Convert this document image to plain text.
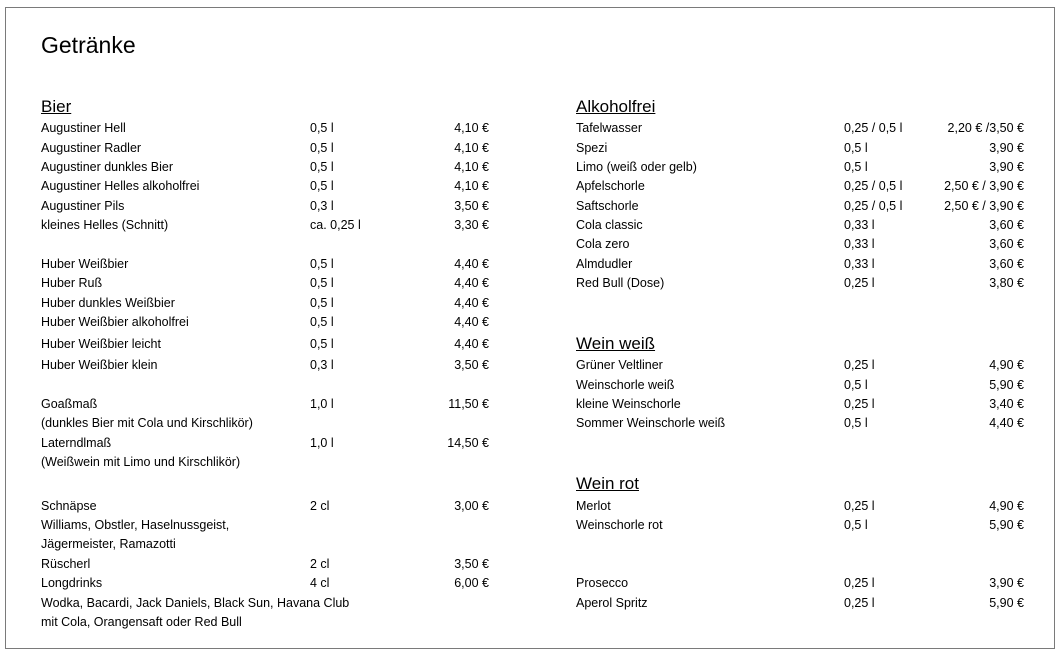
Getränke
Bier
Augustiner Hell	0,5 l	4,10 €
Augustiner Radler	0,5 l	4,10 €
Augustiner dunkles Bier	0,5 l	4,10 €
Augustiner Helles alkoholfrei	0,5 l	4,10 €
Augustiner Pils	0,3 l	3,50 €
kleines Helles (Schnitt)	ca. 0,25 l	3,30 €
Huber Weißbier	0,5 l	4,40 €
Huber Ruß	0,5 l	4,40 €
Huber dunkles Weißbier	0,5 l	4,40 €
Huber Weißbier alkoholfrei	0,5 l	4,40 €
Huber Weißbier leicht	0,5 l	4,40 €
Huber Weißbier klein	0,3 l	3,50 €
Goaßmaß	1,0 l	11,50 €
(dunkles Bier mit Cola und Kirschlikör)
Laterndlmaß	1,0 l	14,50 €
(Weißwein mit Limo und Kirschlikör)
Schnäpse	2 cl	3,00 €
Williams, Obstler, Haselnussgeist,
Jägermeister, Ramazotti
Rüscherl	2 cl	3,50 €
Longdrinks	4 cl	6,00 €
Wodka, Bacardi, Jack Daniels, Black Sun, Havana Club
mit Cola, Orangensaft oder Red Bull
Alkoholfrei
Tafelwasser	0,25 / 0,5 l	2,20 € /3,50 €
Spezi	0,5 l	3,90 €
Limo (weiß oder gelb)	0,5 l	3,90 €
Apfelschorle	0,25 / 0,5 l	2,50 € / 3,90 €
Saftschorle	0,25 / 0,5 l	2,50 € / 3,90 €
Cola classic	0,33 l	3,60 €
Cola zero	0,33 l	3,60 €
Almdudler	0,33 l	3,60 €
Red Bull (Dose)	0,25 l	3,80 €
Wein weiß
Grüner Veltliner	0,25 l	4,90 €
Weinschorle weiß	0,5 l	5,90 €
kleine Weinschorle	0,25 l	3,40 €
Sommer Weinschorle weiß	0,5 l	4,40 €
Wein rot
Merlot	0,25 l	4,90 €
Weinschorle rot	0,5 l	5,90 €
Prosecco	0,25 l	3,90 €
Aperol Spritz	0,25 l	5,90 €
